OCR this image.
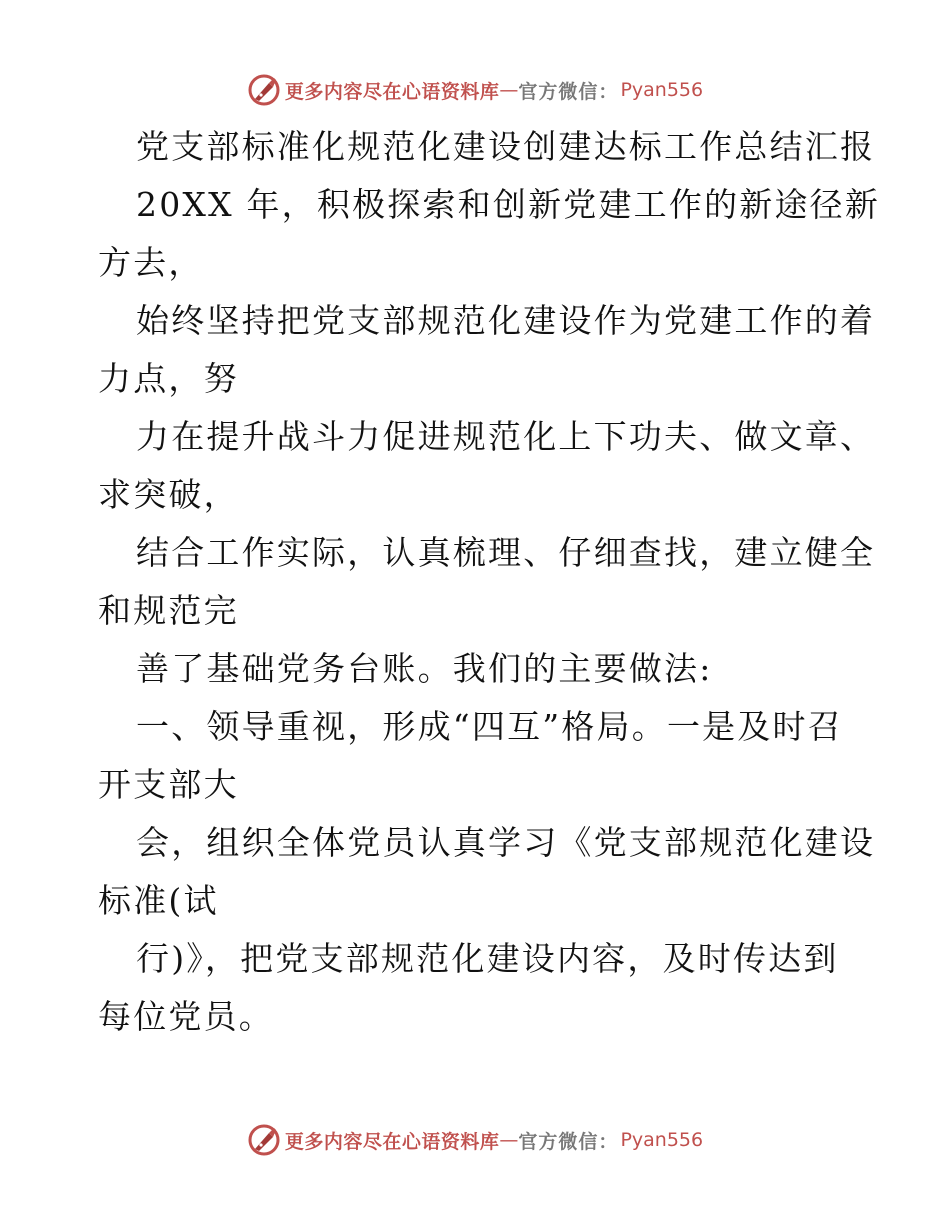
更多内容尽在心语资料库 — 官方微信： Pyan556
党支部标准化规范化建设创建达标工作总结汇报
20XX 年，积极探索和创新党建工作的新途径新
方去，
始终坚持把党支部规范化建设作为党建工作的着
力点，努
力在提升战斗力促进规范化上下功夫、做文章、
求突破，
结合工作实际，认真梳理、仔细查找，建立健全
和规范完
善了基础党务台账。我们的主要做法:
一、领导重视，形成“四互”格局。一是及时召
开支部大
会，组织全体党员认真学习《党支部规范化建设
标准(试
行)》，把党支部规范化建设内容，及时传达到
每位党员。
更多内容尽在心语资料库 — 官方微信： Pyan556
